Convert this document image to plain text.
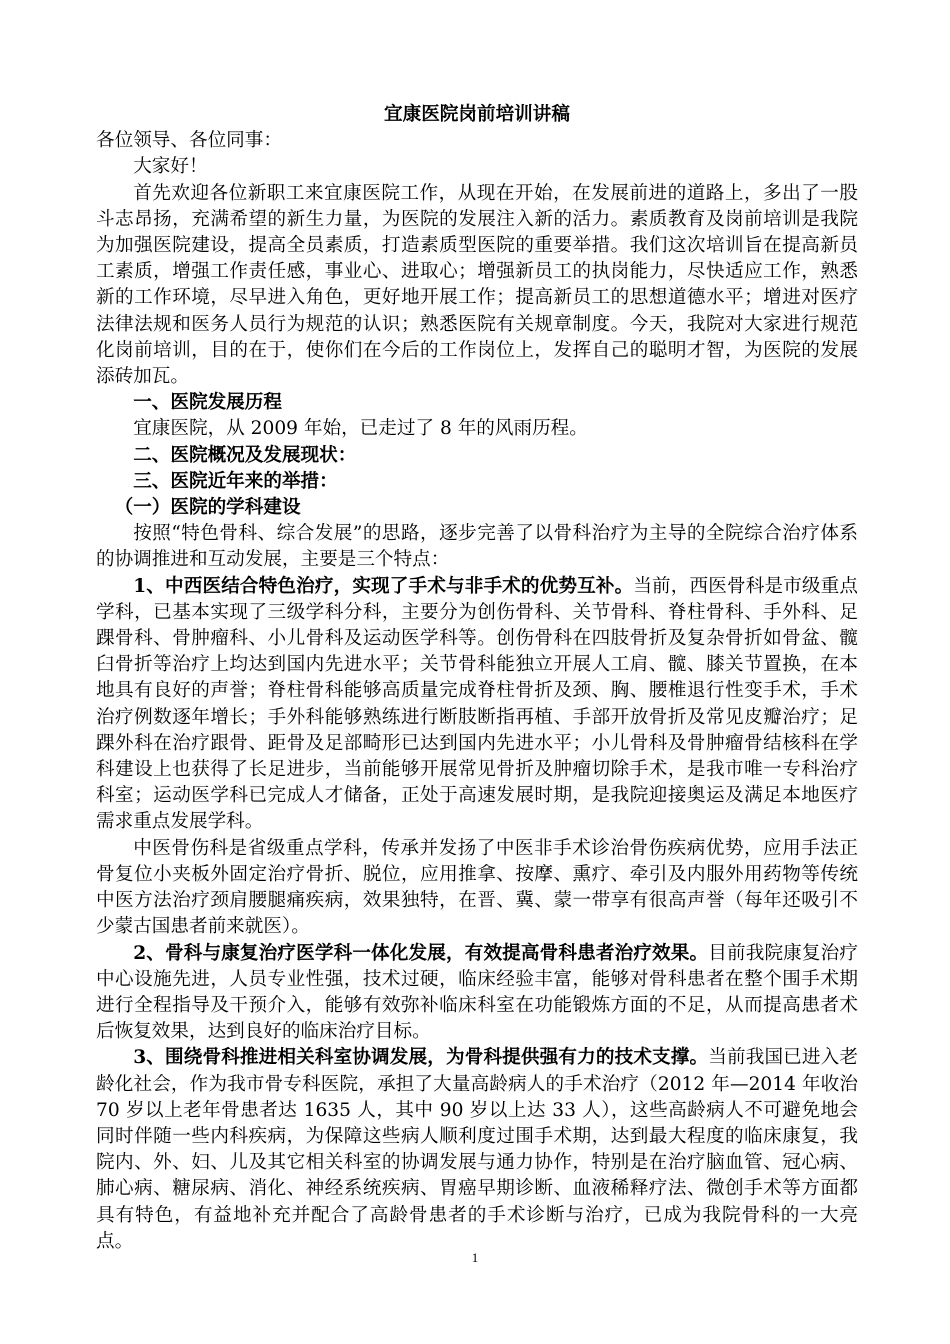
宜康医院岗前培训讲稿

各位领导、各位同事：

大家好！

首先欢迎各位新职工来宜康医院工作，从现在开始，在发展前进的道路上，多出了一股斗志昂扬，充满希望的新生力量，为医院的发展注入新的活力。素质教育及岗前培训是我院为加强医院建设，提高全员素质，打造素质型医院的重要举措。我们这次培训旨在提高新员工素质，增强工作责任感，事业心、进取心；增强新员工的执岗能力，尽快适应工作，熟悉新的工作环境，尽早进入角色，更好地开展工作；提高新员工的思想道德水平；增进对医疗法律法规和医务人员行为规范的认识；熟悉医院有关规章制度。今天，我院对大家进行规范化岗前培训，目的在于，使你们在今后的工作岗位上，发挥自己的聪明才智，为医院的发展添砖加瓦。

一、医院发展历程

宜康医院，从 2009 年始，已走过了 8 年的风雨历程。

二、医院概况及发展现状：

三、医院近年来的举措：

（一）医院的学科建设

按照“特色骨科、综合发展”的思路，逐步完善了以骨科治疗为主导的全院综合治疗体系的协调推进和互动发展，主要是三个特点：

1、中西医结合特色治疗，实现了手术与非手术的优势互补。当前，西医骨科是市级重点学科，已基本实现了三级学科分科，主要分为创伤骨科、关节骨科、脊柱骨科、手外科、足踝骨科、骨肿瘤科、小儿骨科及运动医学科等。创伤骨科在四肢骨折及复杂骨折如骨盆、髋臼骨折等治疗上均达到国内先进水平；关节骨科能独立开展人工肩、髋、膝关节置换，在本地具有良好的声誉；脊柱骨科能够高质量完成脊柱骨折及颈、胸、腰椎退行性变手术，手术治疗例数逐年增长；手外科能够熟练进行断肢断指再植、手部开放骨折及常见皮瓣治疗；足踝外科在治疗跟骨、距骨及足部畸形已达到国内先进水平；小儿骨科及骨肿瘤骨结核科在学科建设上也获得了长足进步，当前能够开展常见骨折及肿瘤切除手术，是我市唯一专科治疗科室；运动医学科已完成人才储备，正处于高速发展时期，是我院迎接奥运及满足本地医疗需求重点发展学科。

中医骨伤科是省级重点学科，传承并发扬了中医非手术诊治骨伤疾病优势，应用手法正骨复位小夹板外固定治疗骨折、脱位，应用推拿、按摩、熏疗、牵引及内服外用药物等传统中医方法治疗颈肩腰腿痛疾病，效果独特，在晋、冀、蒙一带享有很高声誉（每年还吸引不少蒙古国患者前来就医）。

2、骨科与康复治疗医学科一体化发展，有效提高骨科患者治疗效果。目前我院康复治疗中心设施先进，人员专业性强，技术过硬，临床经验丰富，能够对骨科患者在整个围手术期进行全程指导及干预介入，能够有效弥补临床科室在功能锻炼方面的不足，从而提高患者术后恢复效果，达到良好的临床治疗目标。

3、围绕骨科推进相关科室协调发展，为骨科提供强有力的技术支撑。当前我国已进入老龄化社会，作为我市骨专科医院，承担了大量高龄病人的手术治疗（2012 年—2014 年收治 70 岁以上老年骨患者达 1635 人，其中 90 岁以上达 33 人），这些高龄病人不可避免地会同时伴随一些内科疾病，为保障这些病人顺利度过围手术期，达到最大程度的临床康复，我院内、外、妇、儿及其它相关科室的协调发展与通力协作，特别是在治疗脑血管、冠心病、肺心病、糖尿病、消化、神经系统疾病、胃癌早期诊断、血液稀释疗法、微创手术等方面都具有特色，有益地补充并配合了高龄骨患者的手术诊断与治疗，已成为我院骨科的一大亮点。

1
